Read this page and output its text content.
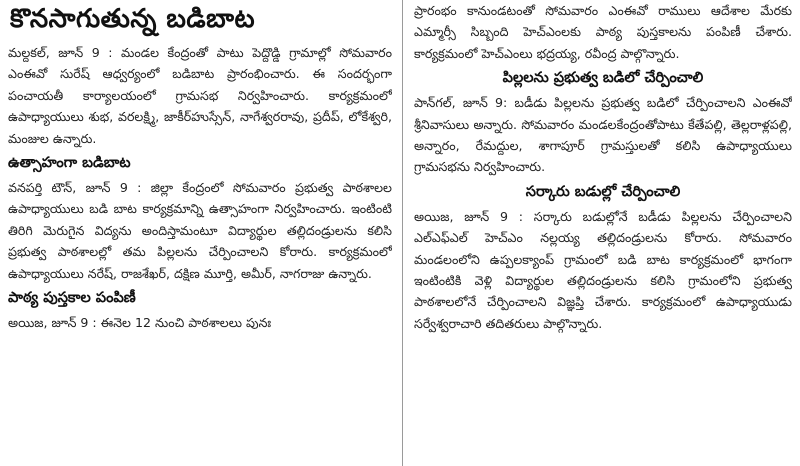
కొనసాగుతున్న బడిబాట

మల్దకల్, జూన్ 9 : మండల కేంద్రంతో పాటు పెద్దొడ్డి గ్రామాల్లో సోమవారం ఎంఈవో సురేష్ ఆధ్వర్యంలో బడిబాట ప్రారంభించారు. ఈ సందర్భంగా పంచాయతీ కార్యాలయంలో గ్రామసభ నిర్వహించారు. కార్యక్రమంలో ఉపాధ్యాయులు శుభ, వరలక్ష్మి, జాకీర్‌హుస్సేన్, నాగేశ్వరరావు, ప్రదీప్, లోకేశ్వరి, మంజుల ఉన్నారు.

ఉత్సాహంగా బడిబాట

వనపర్తి టౌన్, జూన్ 9 : జిల్లా కేంద్రంలో సోమవారం ప్రభుత్వ పాఠశాలల ఉపాధ్యాయులు బడి బాట కార్యక్రమాన్ని ఉత్సాహంగా నిర్వహించారు. ఇంటింటి తిరిగి మెరుగైన విద్యను అందిస్తామంటూ విద్యార్థుల తల్లిదండ్రులను కలిసి ప్రభుత్వ పాఠశాలల్లో తమ పిల్లలను చేర్పించాలని కోరారు. కార్యక్రమంలో ఉపాధ్యాయులు నరేష్, రాజశేఖర్, దక్షిణ మూర్తి, అమీర్, నాగరాజు ఉన్నారు.

పాఠ్య పుస్తకాల పంపిణీ

అయిజ, జూన్ 9 : ఈనెల 12 నుంచి పాఠశాలలు పునః

ప్రారంభం కానుండటంతో సోమవారం ఎంఈవో రాములు ఆదేశాల మేరకు ఎమ్మార్సీ సిబ్బంది హెచ్‌ఎంలకు పాఠ్య పుస్తకాలను పంపిణీ చేశారు. కార్యక్రమంలో హెచ్‌ఎంలు భద్రయ్య, రవీంద్ర పాల్గొన్నారు.

పిల్లలను ప్రభుత్వ బడిలో చేర్పించాలి

పాన్‌గల్, జూన్ 9: బడీడు పిల్లలను ప్రభుత్వ బడిలో చేర్పించాలని ఎంఈవో శ్రీనివాసులు అన్నారు. సోమవారం మండలకేంద్రంతోపాటు కేతేపల్లి, తెల్లరాళ్లపల్లి, అన్నారం, రేమద్దుల, శాగాపూర్ గ్రామస్తులతో కలిసి ఉపాధ్యాయులు గ్రామసభను నిర్వహించారు.

సర్కారు బడుల్లో చేర్పించాలి

అయిజ, జూన్ 9 : సర్కారు బడుల్లోనే బడీడు పిల్లలను చేర్పించాలని ఎల్‌ఎఫ్‌ఎల్ హెచ్‌ఎం నల్లయ్య తల్లిదండ్రులను కోరారు. సోమవారం మండలంలోని ఉప్పలక్యాంప్ గ్రామంలో బడి బాట కార్యక్రమంలో భాగంగా ఇంటింటికి వెళ్లి విద్యార్థుల తల్లిదండ్రులను కలిసి గ్రామంలోని ప్రభుత్వ పాఠశాలలోనే చేర్పించాలని విజ్ఞప్తి చేశారు. కార్యక్రమంలో ఉపాధ్యాయుడు సర్వేశ్వరాచారి తదితరులు పాల్గొన్నారు.
